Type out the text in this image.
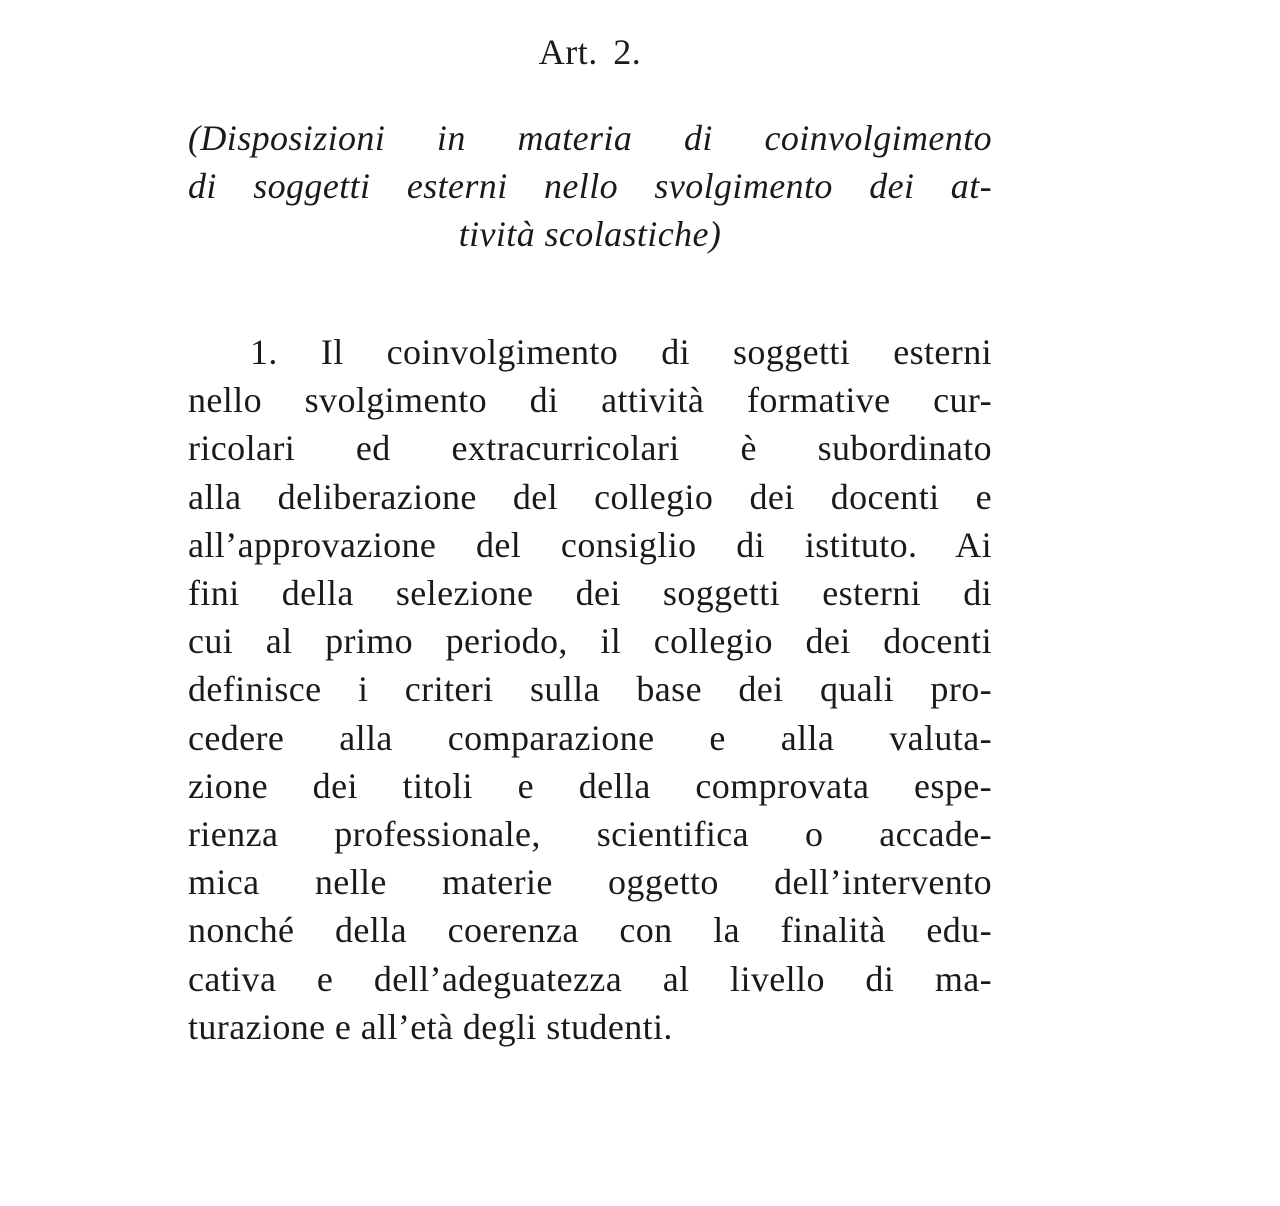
Art. 2.
(Disposizioni in materia di coinvolgimento
di soggetti esterni nello svolgimento dei at-
tività scolastiche)
1. Il coinvolgimento di soggetti esterni
nello svolgimento di attività formative cur-
ricolari ed extracurricolari è subordinato
alla deliberazione del collegio dei docenti e
all’approvazione del consiglio di istituto. Ai
fini della selezione dei soggetti esterni di
cui al primo periodo, il collegio dei docenti
definisce i criteri sulla base dei quali pro-
cedere alla comparazione e alla valuta-
zione dei titoli e della comprovata espe-
rienza professionale, scientifica o accade-
mica nelle materie oggetto dell’intervento
nonché della coerenza con la finalità edu-
cativa e dell’adeguatezza al livello di ma-
turazione e all’età degli studenti.
